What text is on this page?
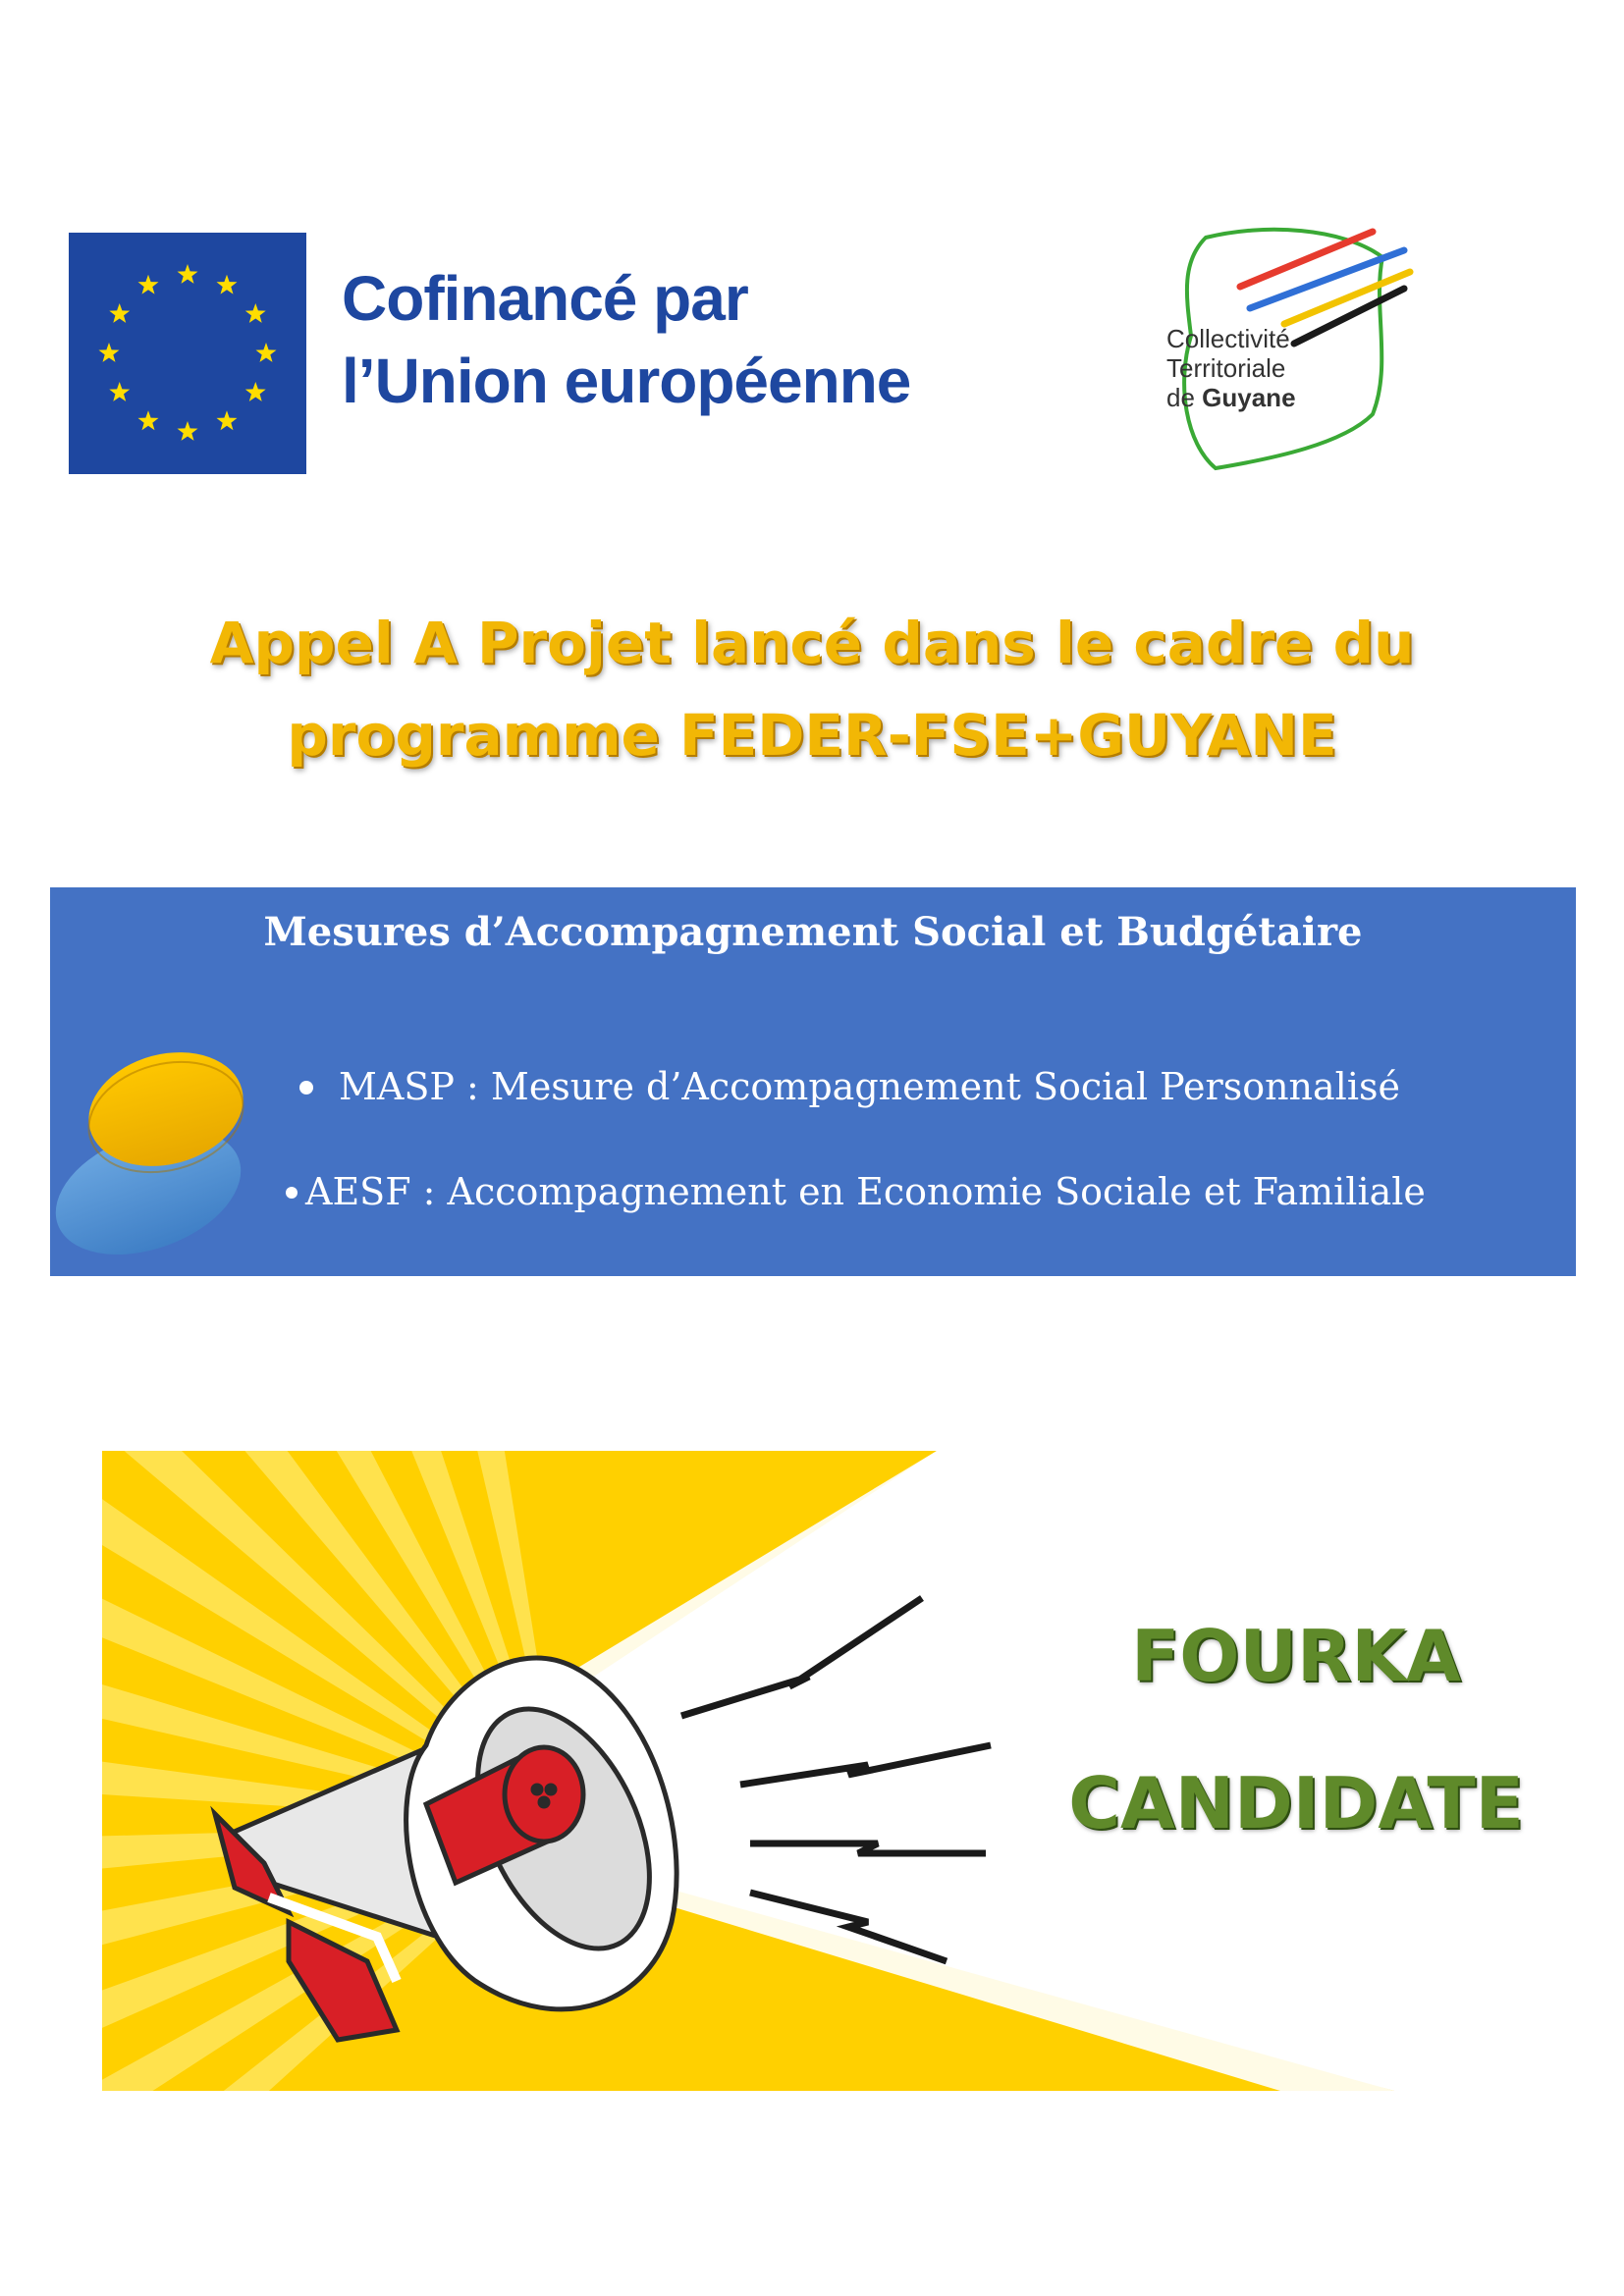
Cofinancé par
l’Union européenne
Collectivité
Territoriale
de Guyane
Appel A Projet lancé dans le cadre du
programme FEDER-FSE+GUYANE
Mesures d’Accompagnement Social et Budgétaire
MASP : Mesure d’Accompagnement Social Personnalisé
AESF : Accompagnement en Economie Sociale et Familiale
FOURKA
CANDIDATE
